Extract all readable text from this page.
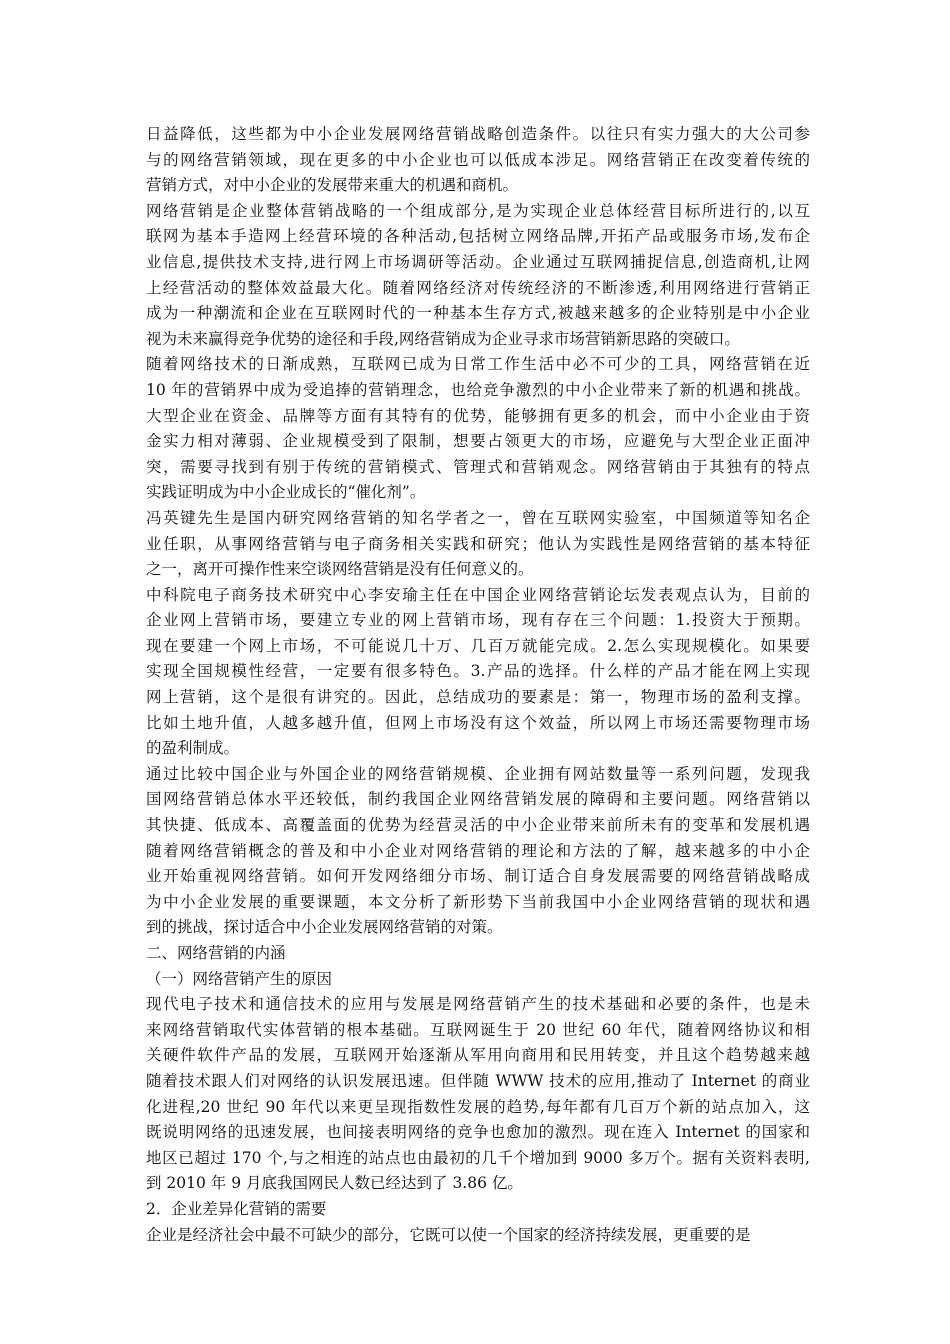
日益降低，这些都为中小企业发展网络营销战略创造条件。以往只有实力强大的大公司参
与的网络营销领域，现在更多的中小企业也可以低成本涉足。网络营销正在改变着传统的
营销方式，对中小企业的发展带来重大的机遇和商机。
网络营销是企业整体营销战略的一个组成部分,是为实现企业总体经营目标所进行的,以互
联网为基本手造网上经营环境的各种活动,包括树立网络品牌,开拓产品或服务市场,发布企
业信息,提供技术支持,进行网上市场调研等活动。企业通过互联网捕捉信息,创造商机,让网
上经营活动的整体效益最大化。随着网络经济对传统经济的不断渗透,利用网络进行营销正
成为一种潮流和企业在互联网时代的一种基本生存方式,被越来越多的企业特别是中小企业
视为未来赢得竞争优势的途径和手段,网络营销成为企业寻求市场营销新思路的突破口。
随着网络技术的日渐成熟，互联网已成为日常工作生活中必不可少的工具，网络营销在近
10 年的营销界中成为受追捧的营销理念，也给竞争激烈的中小企业带来了新的机遇和挑战。
大型企业在资金、品牌等方面有其特有的优势，能够拥有更多的机会，而中小企业由于资
金实力相对薄弱、企业规模受到了限制，想要占领更大的市场，应避免与大型企业正面冲
突，需要寻找到有别于传统的营销模式、管理式和营销观念。网络营销由于其独有的特点
实践证明成为中小企业成长的“催化剂”。
冯英键先生是国内研究网络营销的知名学者之一，曾在互联网实验室，中国频道等知名企
业任职，从事网络营销与电子商务相关实践和研究；他认为实践性是网络营销的基本特征
之一，离开可操作性来空谈网络营销是没有任何意义的。
中科院电子商务技术研究中心李安瑜主任在中国企业网络营销论坛发表观点认为，目前的
企业网上营销市场，要建立专业的网上营销市场，现有存在三个问题：1.投资大于预期。
现在要建一个网上市场，不可能说几十万、几百万就能完成。2.怎么实现规模化。如果要
实现全国规模性经营，一定要有很多特色。3.产品的选择。什么样的产品才能在网上实现
网上营销，这个是很有讲究的。因此，总结成功的要素是：第一，物理市场的盈利支撑。
比如土地升值，人越多越升值，但网上市场没有这个效益，所以网上市场还需要物理市场
的盈利制成。
通过比较中国企业与外国企业的网络营销规模、企业拥有网站数量等一系列问题，发现我
国网络营销总体水平还较低，制约我国企业网络营销发展的障碍和主要问题。网络营销以
其快捷、低成本、高覆盖面的优势为经营灵活的中小企业带来前所未有的变革和发展机遇
随着网络营销概念的普及和中小企业对网络营销的理论和方法的了解，越来越多的中小企
业开始重视网络营销。如何开发网络细分市场、制订适合自身发展需要的网络营销战略成
为中小企业发展的重要课题，本文分析了新形势下当前我国中小企业网络营销的现状和遇
到的挑战，探讨适合中小企业发展网络营销的对策。
二、网络营销的内涵
（一）网络营销产生的原因
现代电子技术和通信技术的应用与发展是网络营销产生的技术基础和必要的条件，也是未
来网络营销取代实体营销的根本基础。互联网诞生于 20 世纪 60 年代，随着网络协议和相
关硬件软件产品的发展，互联网开始逐渐从军用向商用和民用转变，并且这个趋势越来越
随着技术跟人们对网络的认识发展迅速。但伴随 WWW 技术的应用,推动了 Internet 的商业
化进程,20 世纪 90 年代以来更呈现指数性发展的趋势,每年都有几百万个新的站点加入，这
既说明网络的迅速发展，也间接表明网络的竞争也愈加的激烈。现在连入 Internet 的国家和
地区已超过 170 个,与之相连的站点也由最初的几千个增加到 9000 多万个。据有关资料表明,
到 2010 年 9 月底我国网民人数已经达到了 3.86 亿。
2．企业差异化营销的需要
企业是经济社会中最不可缺少的部分，它既可以使一个国家的经济持续发展，更重要的是
